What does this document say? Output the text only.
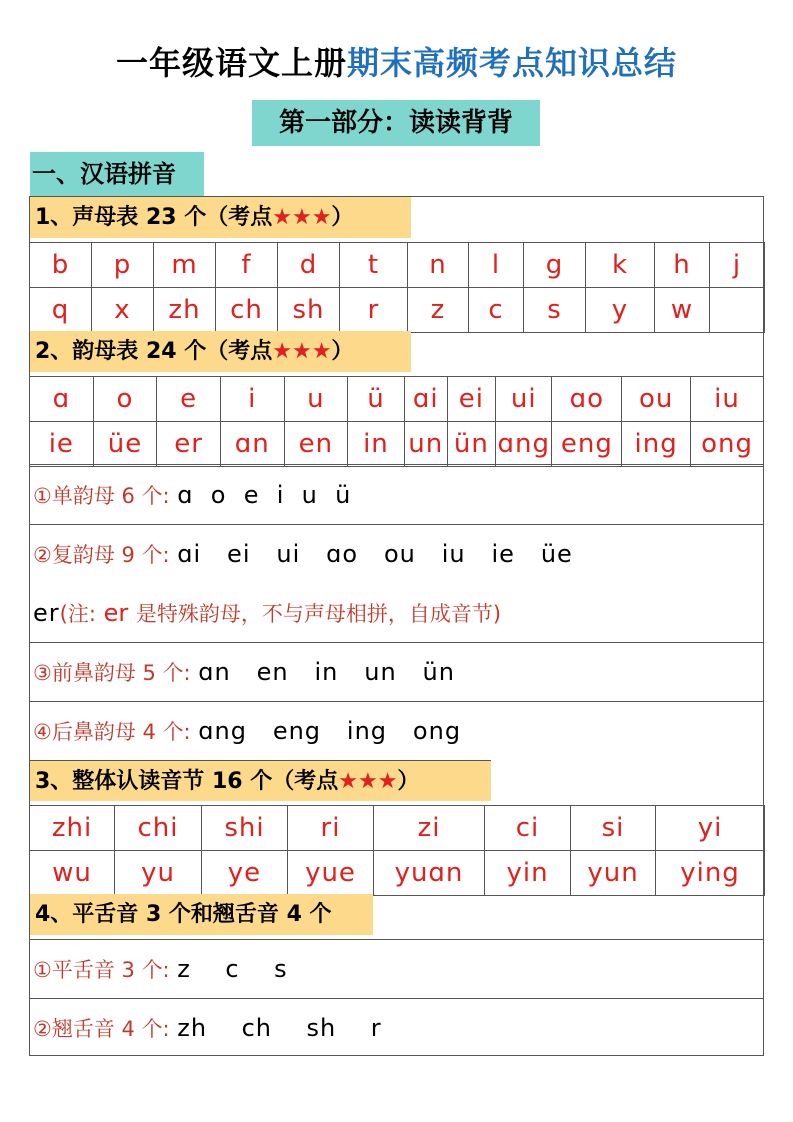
一年级语文上册期末高频考点知识总结
第一部分：读读背背
一、汉语拼音
1、声母表 23 个（考点★★★）
b	p	m	f	d	t	n	l	g	k	h	j
q	x	zh	ch	sh	r	z	c	s	y	w	
2、韵母表 24 个（考点★★★）
ɑ	o	e	i	u	ü	ɑi	ei	ui	ɑo	ou	iu
ie	üe	er	ɑn	en	in	un	ün	ɑng	eng	ing	ong
①单韵母 6 个: ɑ  o  e  i  u  ü
②复韵母 9 个: ɑi   ei   ui   ɑo   ou   iu   ie   üe
er(注: er 是特殊韵母，不与声母相拼，自成音节)
③前鼻韵母 5 个: ɑn   en   in   un   ün
④后鼻韵母 4 个: ɑng   eng   ing   ong
3、整体认读音节 16 个（考点★★★）
zhi	chi	shi	ri	zi	ci	si	yi
wu	yu	ye	yue	yuɑn	yin	yun	ying
4、平舌音 3 个和翘舌音 4 个
①平舌音 3 个: z    c    s
②翘舌音 4 个: zh    ch    sh    r
